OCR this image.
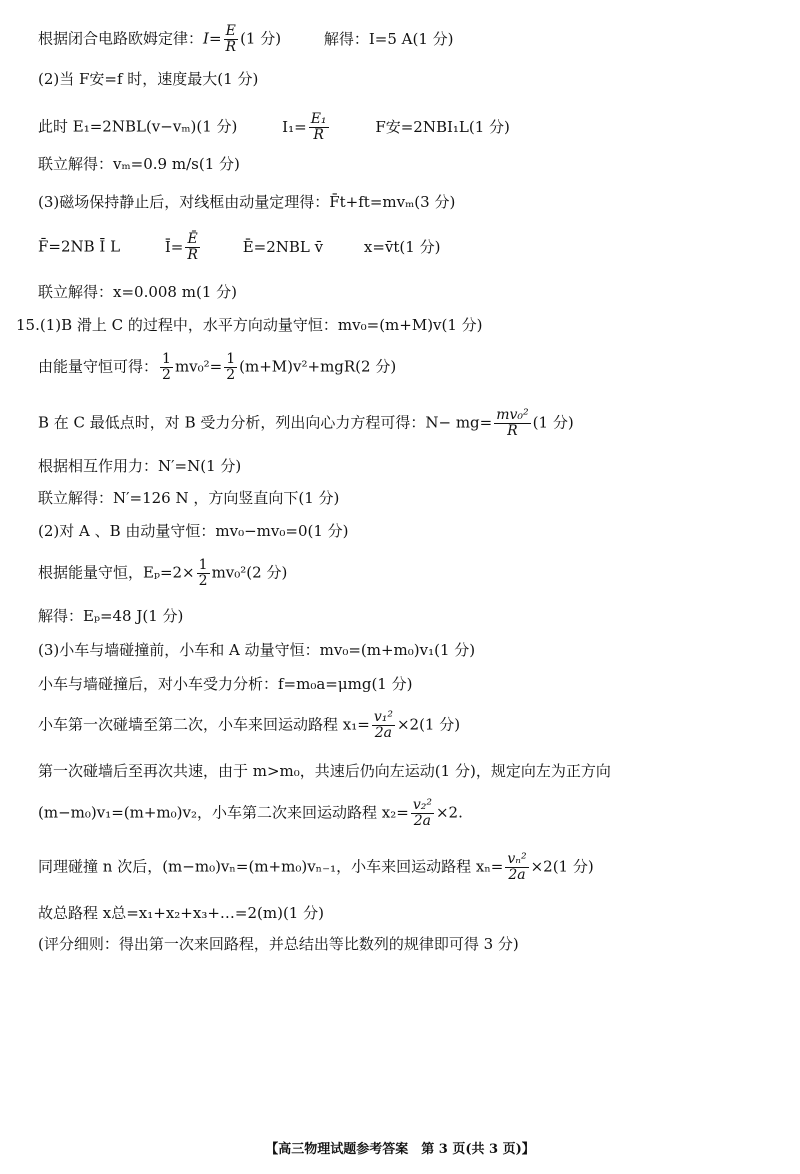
根据闭合电路欧姆定律：$I= \frac{E}{R} (1$ 分)	解得：I=5 A(1 分)
(2)当 F安=f 时，速度最大(1 分)
此时 E₁=2NBL(v−vₘ)(1 分)	$I_1= \frac{\text{E₁}}{R}$	F安=2NBI₁L(1 分)
联立解得：vₘ=0.9 m/s(1 分)
(3)磁场保持静止后，对线框由动量定理得：F̄t+ft=mvₘ(3 分)
F̄=2NB Ī L	Ī= $\frac{Ē}{R}$	Ē=2NBL v̄	x=v̄t(1 分)
联立解得：x=0.008 m(1 分)
15.(1)B 滑上 C 的过程中，水平方向动量守恒：mv₀=(m+M)v(1 分)
由能量守恒可得： $\frac{1}{2} mv_0^2= \frac{1}{2} (m+M)v^2+mgR(2$ 分)
B 在 C 最低点时，对 B 受力分析，列出向心力方程可得：$N- mg= \frac{\text{mv₀²}}{R} (1$ 分)
根据相互作用力：N′=N(1 分)
联立解得：N′=126 N ，方向竖直向下(1 分)
(2)对 A 、B 由动量守恒：mv₀−mv₀=0(1 分)
根据能量守恒，$E_p=2\times \frac{1}{2} mv_0^2(2$ 分)
解得：Eₚ=48 J(1 分)
(3)小车与墙碰撞前，小车和 A 动量守恒：mv₀=(m+m₀)v₁(1 分)
小车与墙碰撞后，对小车受力分析：f=m₀a=μmg(1 分)
小车第一次碰墙至第二次，小车来回运动路程 $x_1= \frac{\text{v₁²}}{2a} \times 2(1$ 分)
第一次碰墙后至再次共速，由于 m>m₀，共速后仍向左运动(1 分)，规定向左为正方向
(m−m₀)v₁=(m+m₀)v₂，小车第二次来回运动路程 $x_2= \frac{\text{v₂²}}{2a} \times 2$.
同理碰撞 n 次后，(m−m₀)vₙ=(m+m₀)vₙ₋₁，小车来回运动路程 $x_n= \frac{\text{vₙ²}}{2a} \times 2(1$ 分)
故总路程 x总=x₁+x₂+x₃+…=2(m)(1 分)
(评分细则：得出第一次来回路程，并总结出等比数列的规律即可得 3 分)
【高三物理试题参考答案　第 3 页(共 3 页)】
